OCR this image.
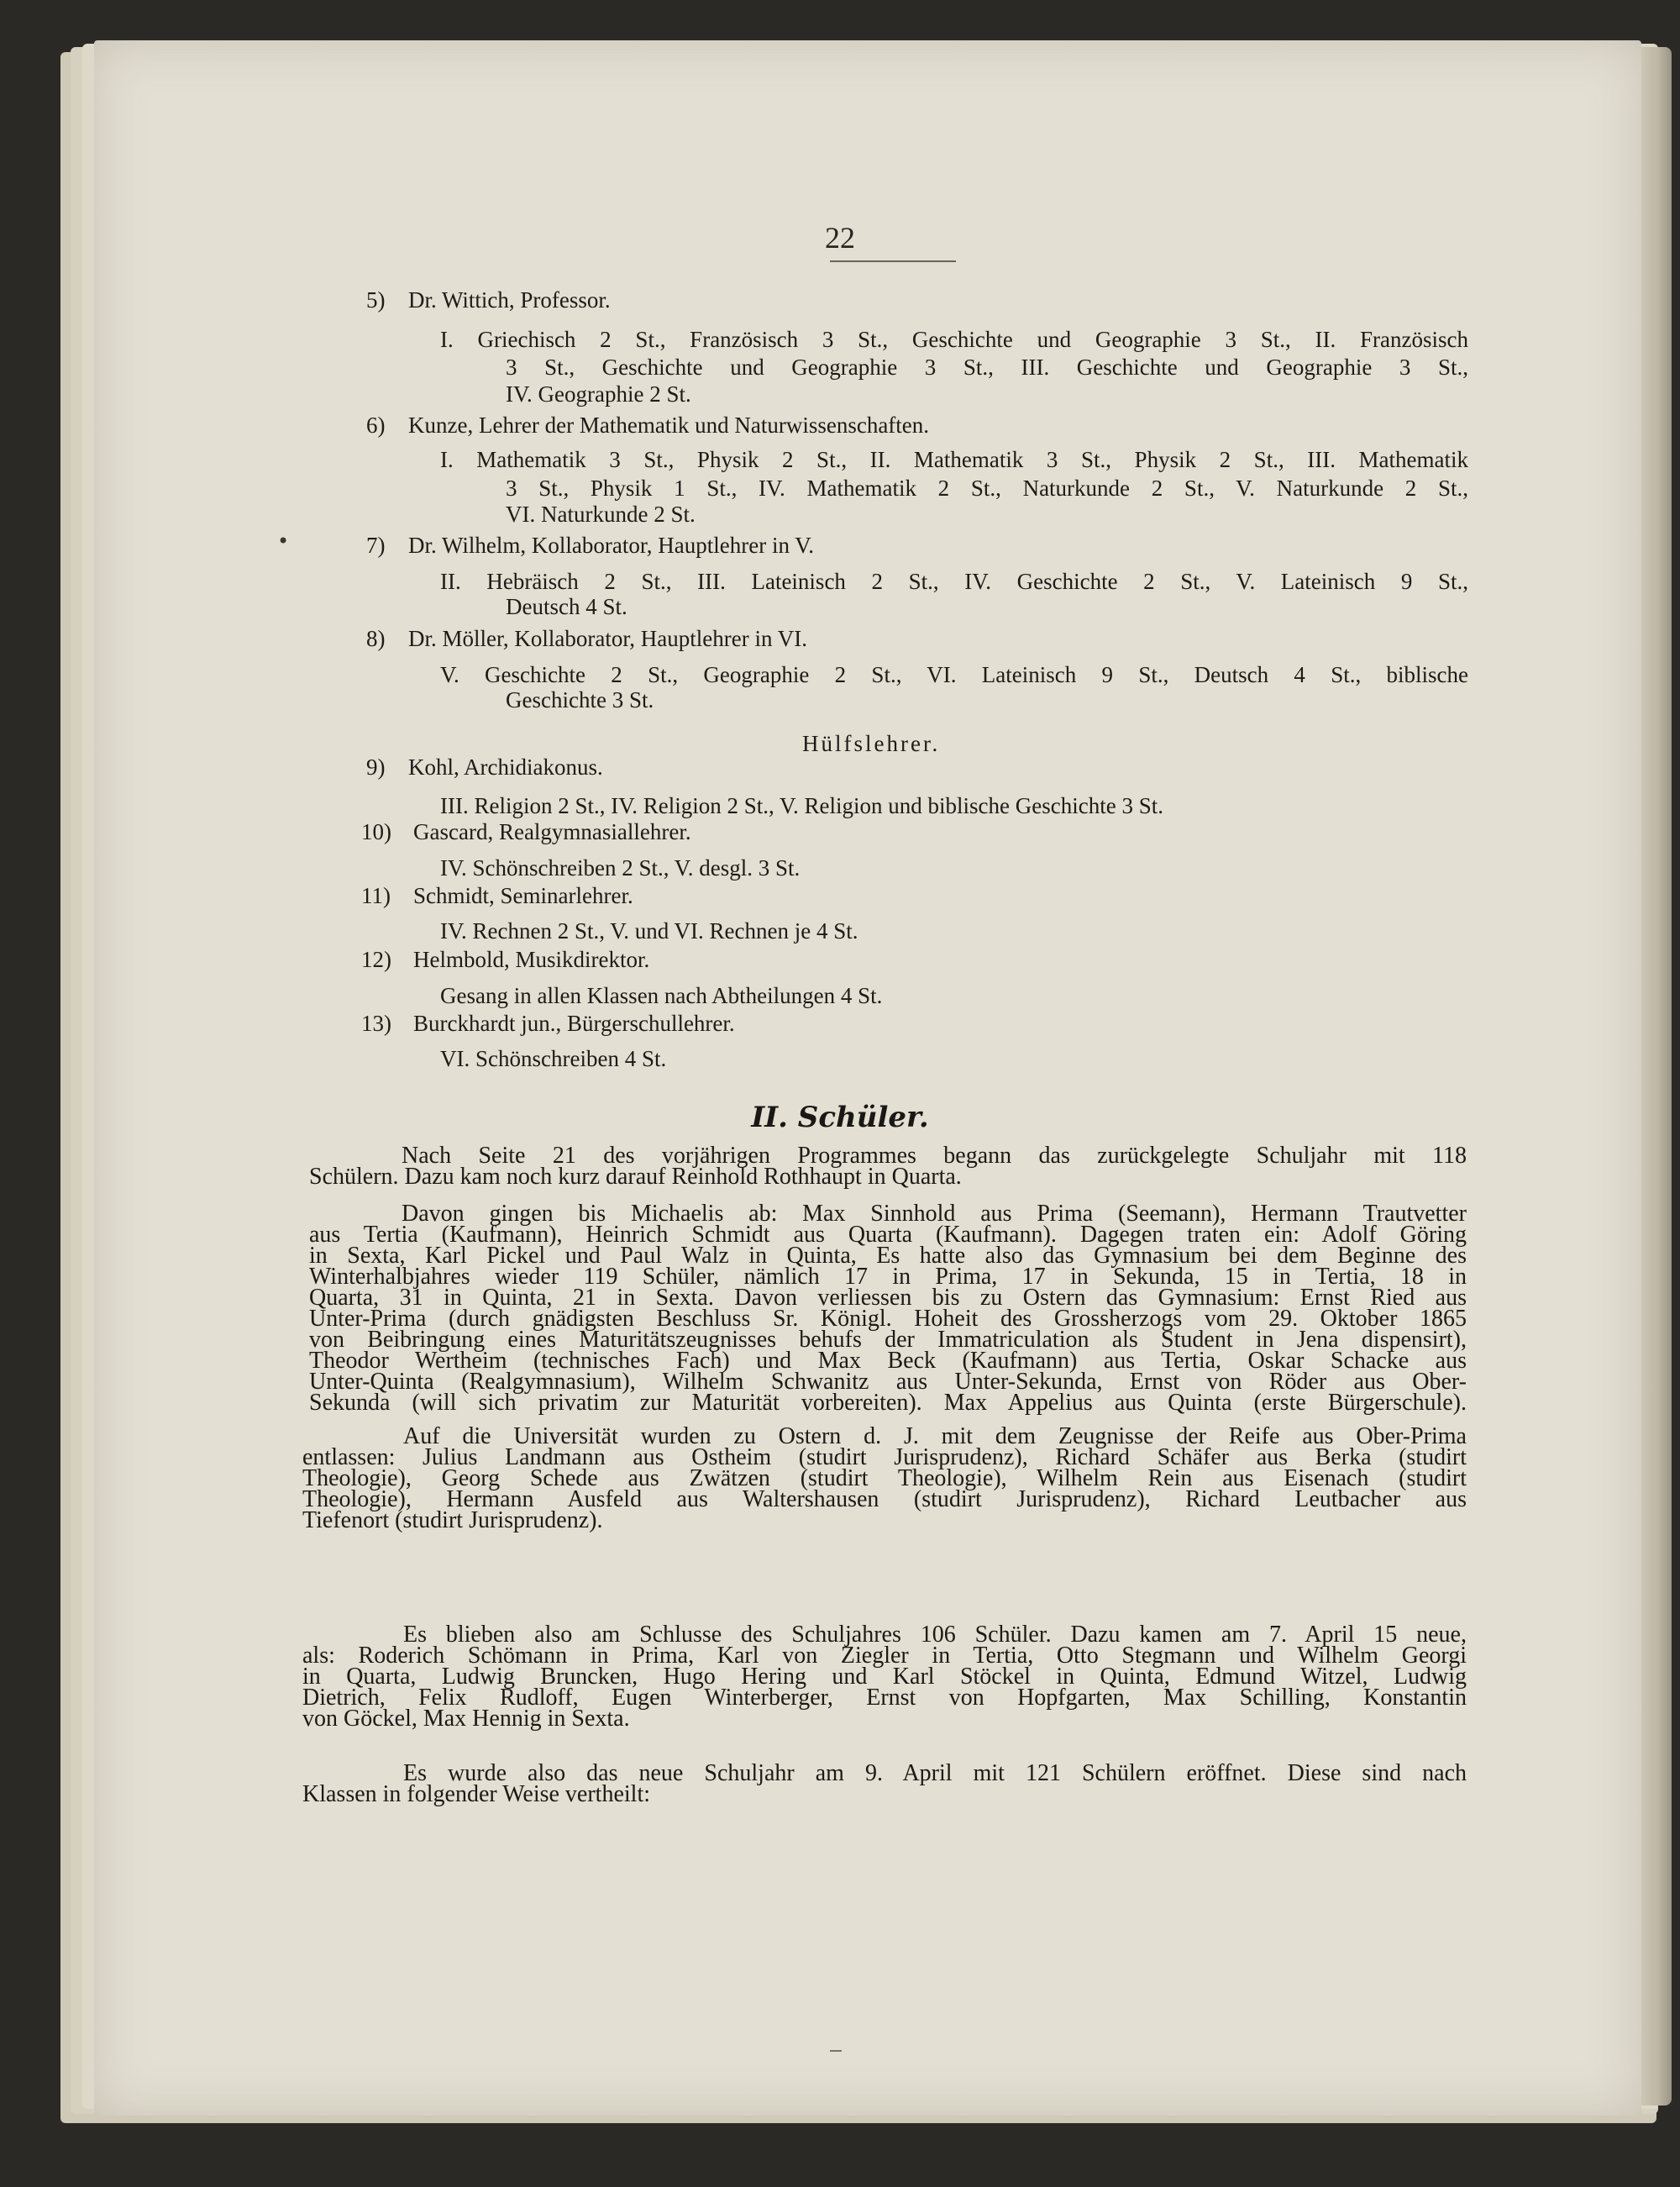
22
5) Dr. Wittich, Professor.
I. Griechisch 2 St., Französisch 3 St., Geschichte und Geographie 3 St., II. Französisch
3 St., Geschichte und Geographie 3 St., III. Geschichte und Geographie 3 St.,
IV. Geographie 2 St.
6) Kunze, Lehrer der Mathematik und Naturwissenschaften.
I. Mathematik 3 St., Physik 2 St., II. Mathematik 3 St., Physik 2 St., III. Mathematik
3 St., Physik 1 St., IV. Mathematik 2 St., Naturkunde 2 St., V. Naturkunde 2 St.,
VI. Naturkunde 2 St.
7) Dr. Wilhelm, Kollaborator, Hauptlehrer in V.
II. Hebräisch 2 St., III. Lateinisch 2 St., IV. Geschichte 2 St., V. Lateinisch 9 St.,
Deutsch 4 St.
8) Dr. Möller, Kollaborator, Hauptlehrer in VI.
V. Geschichte 2 St., Geographie 2 St., VI. Lateinisch 9 St., Deutsch 4 St., biblische
Geschichte 3 St.
Hülfslehrer.
9) Kohl, Archidiakonus.
III. Religion 2 St., IV. Religion 2 St., V. Religion und biblische Geschichte 3 St.
10) Gascard, Realgymnasiallehrer.
IV. Schönschreiben 2 St., V. desgl. 3 St.
11) Schmidt, Seminarlehrer.
IV. Rechnen 2 St., V. und VI. Rechnen je 4 St.
12) Helmbold, Musikdirektor.
Gesang in allen Klassen nach Abtheilungen 4 St.
13) Burckhardt jun., Bürgerschullehrer.
VI. Schönschreiben 4 St.
II. Schüler.
Nach Seite 21 des vorjährigen Programmes begann das zurückgelegte Schuljahr mit 118
Schülern. Dazu kam noch kurz darauf Reinhold Rothhaupt in Quarta.
Davon gingen bis Michaelis ab: Max Sinnhold aus Prima (Seemann), Hermann Trautvetter
aus Tertia (Kaufmann), Heinrich Schmidt aus Quarta (Kaufmann). Dagegen traten ein: Adolf Göring
in Sexta, Karl Pickel und Paul Walz in Quinta, Es hatte also das Gymnasium bei dem Beginne des
Winterhalbjahres wieder 119 Schüler, nämlich 17 in Prima, 17 in Sekunda, 15 in Tertia, 18 in
Quarta, 31 in Quinta, 21 in Sexta. Davon verliessen bis zu Ostern das Gymnasium: Ernst Ried aus
Unter-Prima (durch gnädigsten Beschluss Sr. Königl. Hoheit des Grossherzogs vom 29. Oktober 1865
von Beibringung eines Maturitätszeugnisses behufs der Immatriculation als Student in Jena dispensirt),
Theodor Wertheim (technisches Fach) und Max Beck (Kaufmann) aus Tertia, Oskar Schacke aus
Unter-Quinta (Realgymnasium), Wilhelm Schwanitz aus Unter-Sekunda, Ernst von Röder aus Ober-
Sekunda (will sich privatim zur Maturität vorbereiten). Max Appelius aus Quinta (erste Bürgerschule).
Auf die Universität wurden zu Ostern d. J. mit dem Zeugnisse der Reife aus Ober-Prima
entlassen: Julius Landmann aus Ostheim (studirt Jurisprudenz), Richard Schäfer aus Berka (studirt
Theologie), Georg Schede aus Zwätzen (studirt Theologie), Wilhelm Rein aus Eisenach (studirt
Theologie), Hermann Ausfeld aus Waltershausen (studirt Jurisprudenz), Richard Leutbacher aus
Tiefenort (studirt Jurisprudenz).
Es blieben also am Schlusse des Schuljahres 106 Schüler. Dazu kamen am 7. April 15 neue,
als: Roderich Schömann in Prima, Karl von Ziegler in Tertia, Otto Stegmann und Wilhelm Georgi
in Quarta, Ludwig Bruncken, Hugo Hering und Karl Stöckel in Quinta, Edmund Witzel, Ludwig
Dietrich, Felix Rudloff, Eugen Winterberger, Ernst von Hopfgarten, Max Schilling, Konstantin
von Göckel, Max Hennig in Sexta.
Es wurde also das neue Schuljahr am 9. April mit 121 Schülern eröffnet. Diese sind nach
Klassen in folgender Weise vertheilt:
•
